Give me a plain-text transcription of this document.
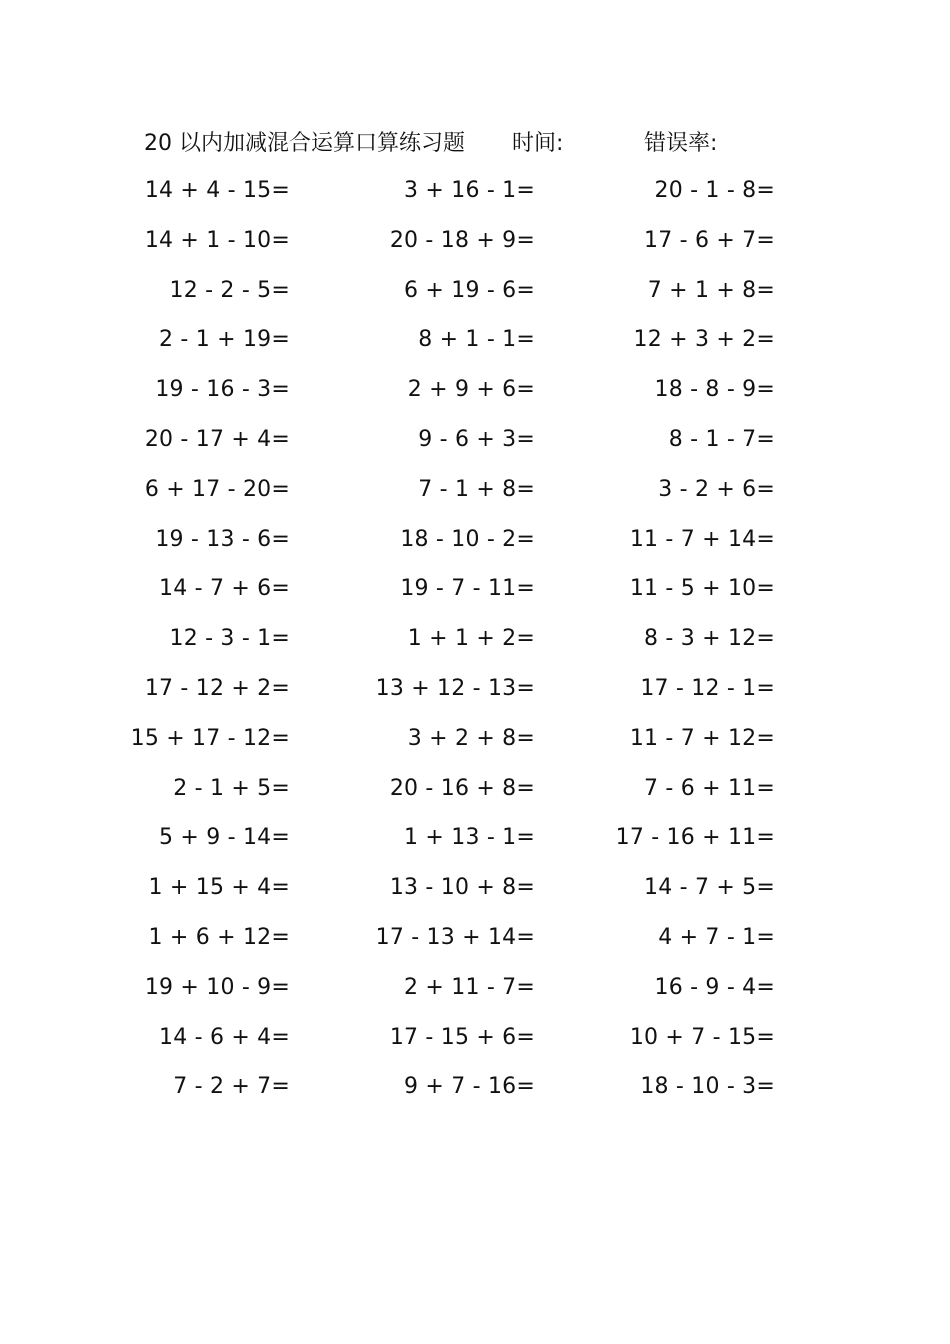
20 以内加减混合运算口算练习题 时间:	错误率:
14 + 4 - 15=	3 + 16 - 1=	20 - 1 - 8=
14 + 1 - 10=	20 - 18 + 9=	17 - 6 + 7=
12 - 2 - 5=	6 + 19 - 6=	7 + 1 + 8=
2 - 1 + 19=	8 + 1 - 1=	12 + 3 + 2=
19 - 16 - 3=	2 + 9 + 6=	18 - 8 - 9=
20 - 17 + 4=	9 - 6 + 3=	8 - 1 - 7=
6 + 17 - 20=	7 - 1 + 8=	3 - 2 + 6=
19 - 13 - 6=	18 - 10 - 2=	11 - 7 + 14=
14 - 7 + 6=	19 - 7 - 11=	11 - 5 + 10=
12 - 3 - 1=	1 + 1 + 2=	8 - 3 + 12=
17 - 12 + 2=	13 + 12 - 13=	17 - 12 - 1=
15 + 17 - 12=	3 + 2 + 8=	11 - 7 + 12=
2 - 1 + 5=	20 - 16 + 8=	7 - 6 + 11=
5 + 9 - 14=	1 + 13 - 1=	17 - 16 + 11=
1 + 15 + 4=	13 - 10 + 8=	14 - 7 + 5=
1 + 6 + 12=	17 - 13 + 14=	4 + 7 - 1=
19 + 10 - 9=	2 + 11 - 7=	16 - 9 - 4=
14 - 6 + 4=	17 - 15 + 6=	10 + 7 - 15=
7 - 2 + 7=	9 + 7 - 16=	18 - 10 - 3=
